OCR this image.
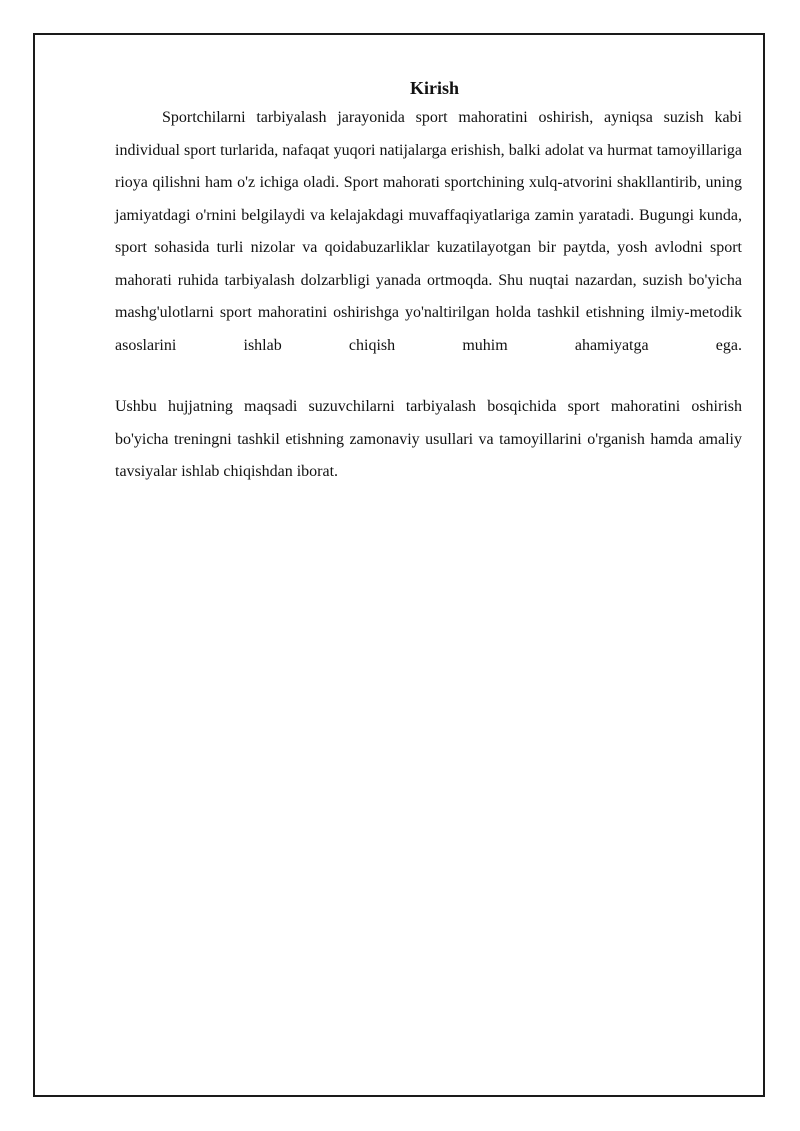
Kirish

Sportchilarni tarbiyalash jarayonida sport mahoratini oshirish, ayniqsa suzish kabi individual sport turlarida, nafaqat yuqori natijalarga erishish, balki adolat va hurmat tamoyillariga rioya qilishni ham o'z ichiga oladi. Sport mahorati sportchining xulq-atvorini shakllantirib, uning jamiyatdagi o'rnini belgilaydi va kelajakdagi muvaffaqiyatlariga zamin yaratadi. Bugungi kunda, sport sohasida turli nizolar va qoidabuzarliklar kuzatilayotgan bir paytda, yosh avlodni sport mahorati ruhida tarbiyalash dolzarbligi yanada ortmoqda. Shu nuqtai nazardan, suzish bo'yicha mashg'ulotlarni sport mahoratini oshirishga yo'naltirilgan holda tashkil etishning ilmiy-metodik asoslarini ishlab chiqish muhim ahamiyatga ega.

Ushbu hujjatning maqsadi suzuvchilarni tarbiyalash bosqichida sport mahoratini oshirish bo'yicha treningni tashkil etishning zamonaviy usullari va tamoyillarini o'rganish hamda amaliy tavsiyalar ishlab chiqishdan iborat.
